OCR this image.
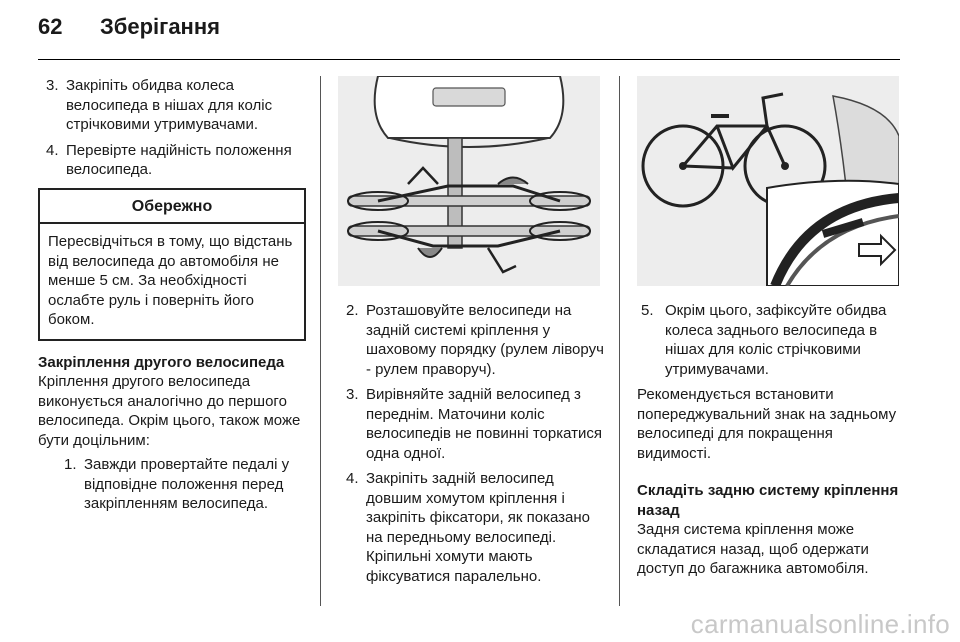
62 Зберігання
3. Закріпіть обидва колеса велосипеда в нішах для коліс стрічковими утримувачами.
4. Перевірте надійність положення велосипеда.
Обережно
Пересвідчіться в тому, що відстань від велосипеда до автомобіля не менше 5 см. За необхідності ослабте руль і поверніть його боком.
Закріплення другого велосипеда

Кріплення другого велосипеда виконується аналогічно до першого велосипеда. Окрім цього, також може бути доцільним:

1. Завжди провертайте педалі у відповідне положення перед закріпленням велосипеда.
2. Розташовуйте велосипеди на задній системі кріплення у шаховому порядку (рулем ліворуч - рулем праворуч).
3. Вирівняйте задній велосипед з переднім. Маточини коліс велосипедів не повинні торкатися одна одної.
4. Закріпіть задній велосипед довшим хомутом кріплення і закріпіть фіксатори, як показано на передньому велосипеді. Кріпильні хомути мають фіксуватися паралельно.
5. Окрім цього, зафіксуйте обидва колеса заднього велосипеда в нішах для коліс стрічковими утримувачами.

Рекомендується встановити попереджувальний знак на задньому велосипеді для покращення видимості.

Складіть задню систему кріплення назад

Задня система кріплення може складатися назад, щоб одержати доступ до багажника автомобіля.

carmanualsonline.info
